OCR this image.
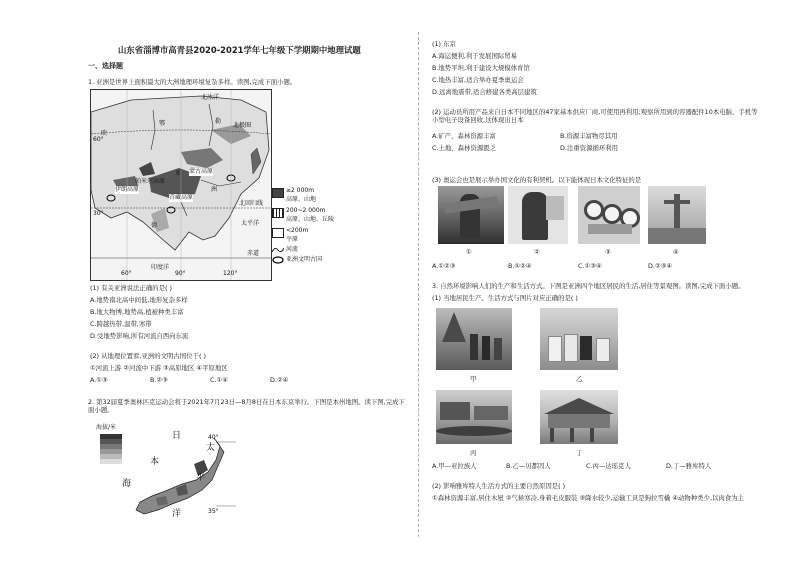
山东省淄博市高青县2020-2021学年七年级下学期期中地理试题
一、选择题
1. 亚洲是世界上面积最大的大洲地理环境复杂多样。读图,完成下面小题。
北冰洋
北极圈
欧
鄂	勒
蒙古高原
亚
帕米尔高原
伊朗高原
青藏高原
洲
太平洋
北回归线
德
赤道
印度洋
60°
30°
60°	90°	120°
≥2 000m
高原、山地
200~2 000m
高原、山地、丘陵
<200m
平原
河流
亚洲文明古国
(1) 有关亚洲说法正确的是( )
A.地势南北高中间低,地形复杂多样
B.地大物博,地势高,植被种类丰富
C.跨越热带,温带,寒带
D.受地势影响,所有河流自西向东流
(2) 从地理位置看,亚洲的文明古国位于( )
①河流上游 ②河流中下游 ③高原地区 ④平原地区
A.①③	B.②③	C.①④	D.②④
2. 第32届夏季奥林匹克运动会将于2021年7月23日—8月8日在日本东京举行。下图是本州地图。读下图,完成下面小题。
海拔/米
日
本
海
太
平
洋
40°
35°
(1) 东京
A.海运便利,利于发展国际贸易
B.地势平坦,利于建设大规模体育馆
C.地热丰富,适合举办夏季奥运会
D.远离地震带,适合修建各类高层建筑
(2) 运动员所用产品来自日本不同地区的47家基本供应厂商,可使用再利用;观察所用到的容器配件10本电脑、手机等小型电子设备回收,这体现出日本
A.矿产、森林资源丰富	B.资源丰富物尽其用
C.土地、森林资源匮乏	D.注重资源循环利用
(3) 奥运会也是展示举办国文化的有利契机。以下能体现日本文化特征的是
①	②	③	④
A.①②③	B.①②④	C.①③④	D.②③④
3. 自然环境影响人们的生产和生活方式。下图是亚洲四个地区居民的生活,居住等景观图。读图,完成下面小题。
(1) 当地居民生产、生活方式与图片对应正确的是( )
甲	乙
丙	丁
A.甲—亚拉族人	B.乙—贝都因人	C.丙—达瑶克人	D.丁—雅库特人
(2) 影响雅库特人生活方式的主要自然原因是( )
①森林资源丰富,居住木屋 ②气候寒冷,身着毛皮服装 ③降水较少,运输工具是狗拉雪橇 ④动物种类少,以肉食为主
